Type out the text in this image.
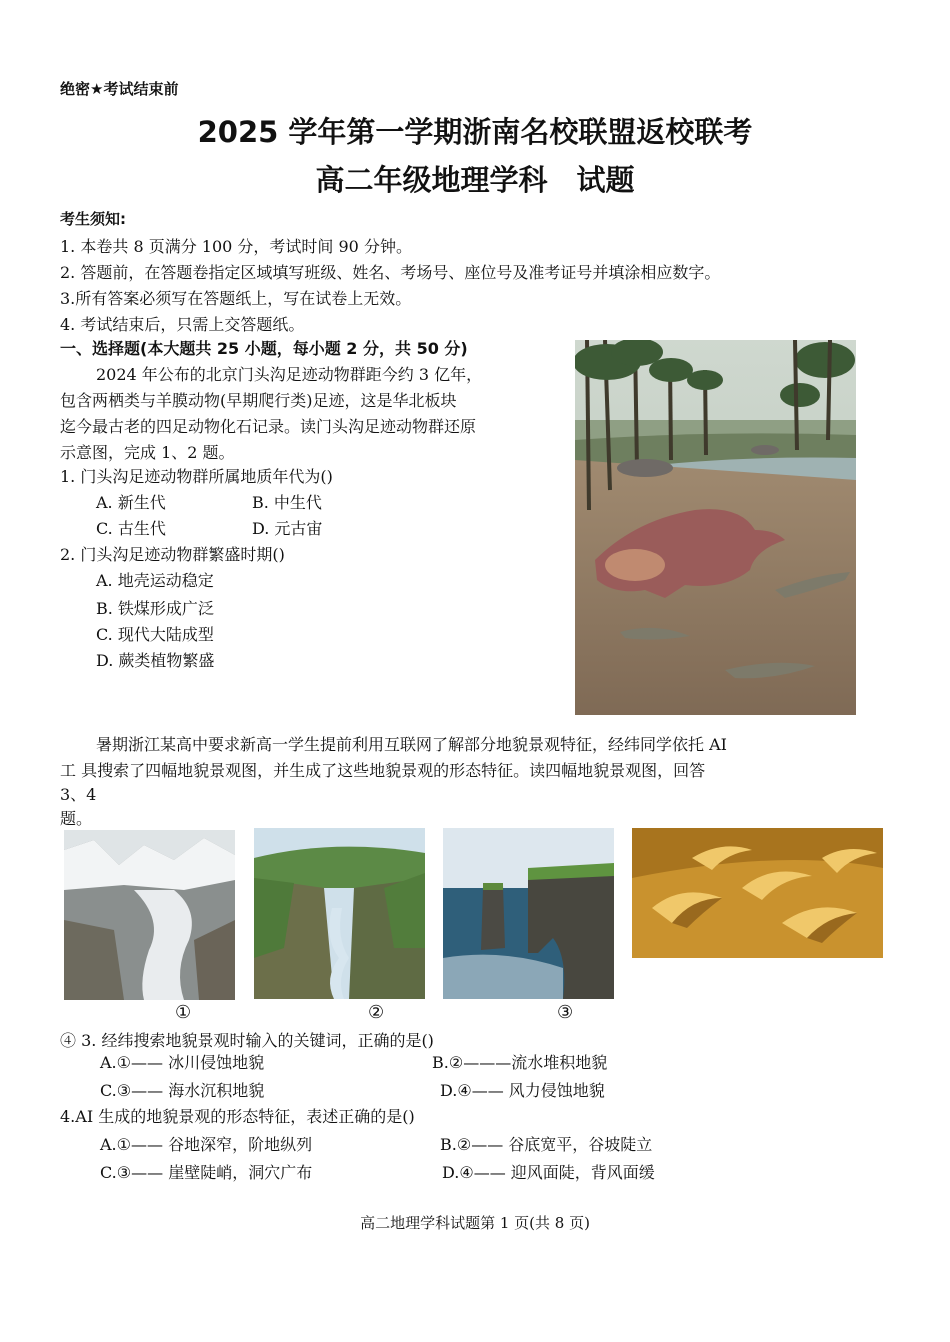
绝密★考试结束前
2025 学年第一学期浙南名校联盟返校联考
高二年级地理学科　试题
考生须知:
1. 本卷共 8 页满分 100 分，考试时间 90 分钟。
2. 答题前，在答题卷指定区域填写班级、姓名、考场号、座位号及准考证号并填涂相应数字。
3.所有答案必须写在答题纸上，写在试卷上无效。
4. 考试结束后，只需上交答题纸。
一、选择题(本大题共 25 小题，每小题 2 分，共 50 分)
2024 年公布的北京门头沟足迹动物群距今约 3 亿年，
包含两栖类与羊膜动物(早期爬行类)足迹，这是华北板块
迄今最古老的四足动物化石记录。读门头沟足迹动物群还原
示意图，完成 1、2 题。
1. 门头沟足迹动物群所属地质年代为()
A. 新生代	B. 中生代
C. 古生代	D. 元古宙
2. 门头沟足迹动物群繁盛时期()
A. 地壳运动稳定
B. 铁煤形成广泛
C. 现代大陆成型
D. 蕨类植物繁盛
暑期浙江某高中要求新高一学生提前利用互联网了解部分地貌景观特征，经纬同学依托 AI
工 具搜索了四幅地貌景观图，并生成了这些地貌景观的形态特征。读四幅地貌景观图，回答
3、4
题。
①	②	③
④ 3. 经纬搜索地貌景观时输入的关键词，正确的是()
A.①—— 冰川侵蚀地貌	B.②———流水堆积地貌
C.③—— 海水沉积地貌	D.④—— 风力侵蚀地貌
4.AI 生成的地貌景观的形态特征，表述正确的是()
A.①—— 谷地深窄，阶地纵列	B.②—— 谷底宽平，谷坡陡立
C.③—— 崖壁陡峭，洞穴广布	D.④—— 迎风面陡，背风面缓
高二地理学科试题第 1 页(共 8 页)
